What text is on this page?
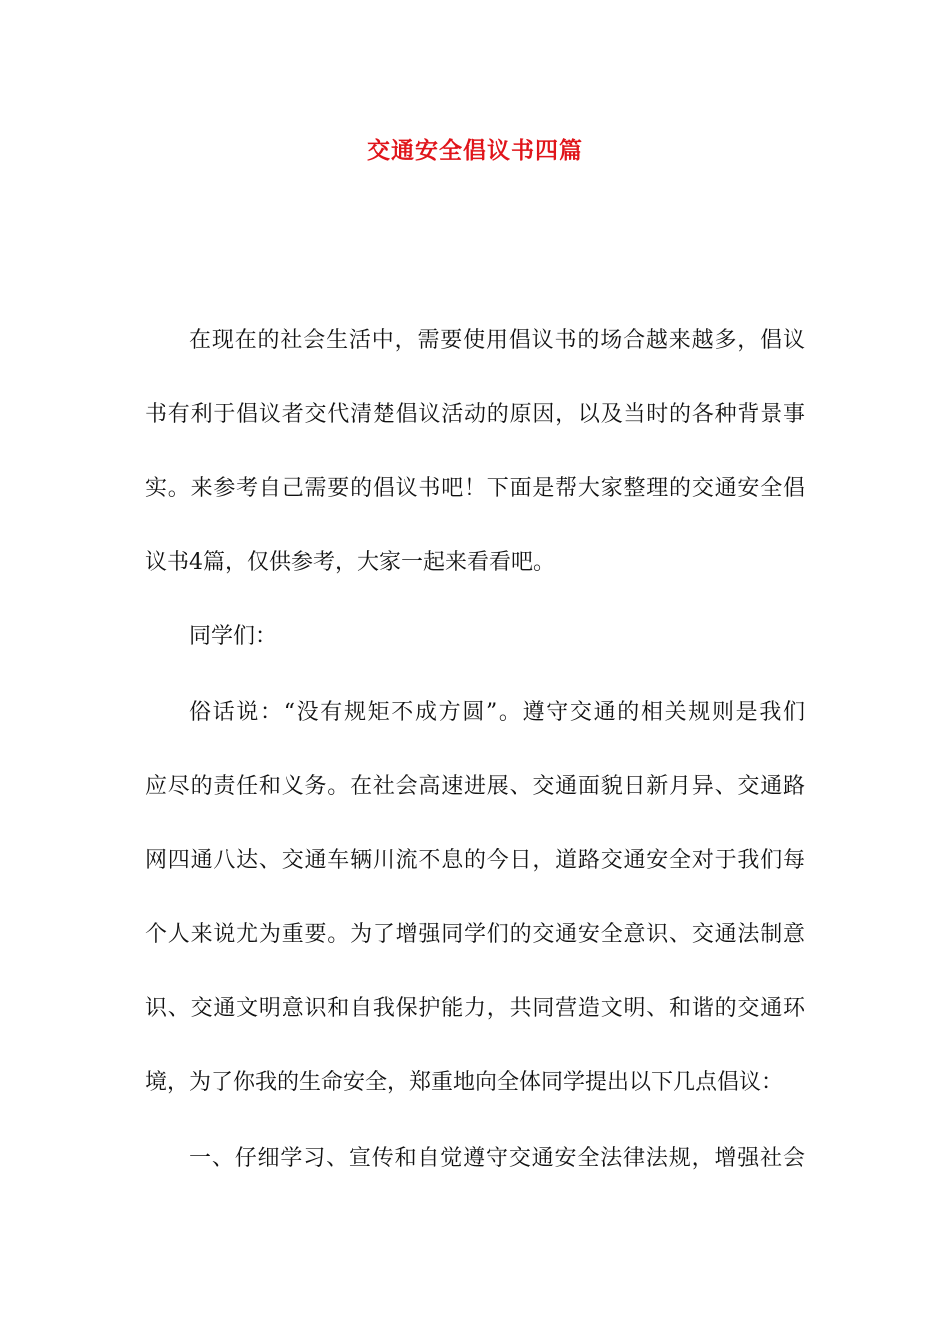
交通安全倡议书四篇
在现在的社会生活中，需要使用倡议书的场合越来越多，倡议
书有利于倡议者交代清楚倡议活动的原因，以及当时的各种背景事
实。来参考自己需要的倡议书吧！下面是帮大家整理的交通安全倡
议书4篇，仅供参考，大家一起来看看吧。
同学们：
俗话说：“没有规矩不成方圆”。遵守交通的相关规则是我们
应尽的责任和义务。在社会高速进展、交通面貌日新月异、交通路
网四通八达、交通车辆川流不息的今日，道路交通安全对于我们每
个人来说尤为重要。为了增强同学们的交通安全意识、交通法制意
识、交通文明意识和自我保护能力，共同营造文明、和谐的交通环
境，为了你我的生命安全，郑重地向全体同学提出以下几点倡议：
一、仔细学习、宣传和自觉遵守交通安全法律法规，增强社会
